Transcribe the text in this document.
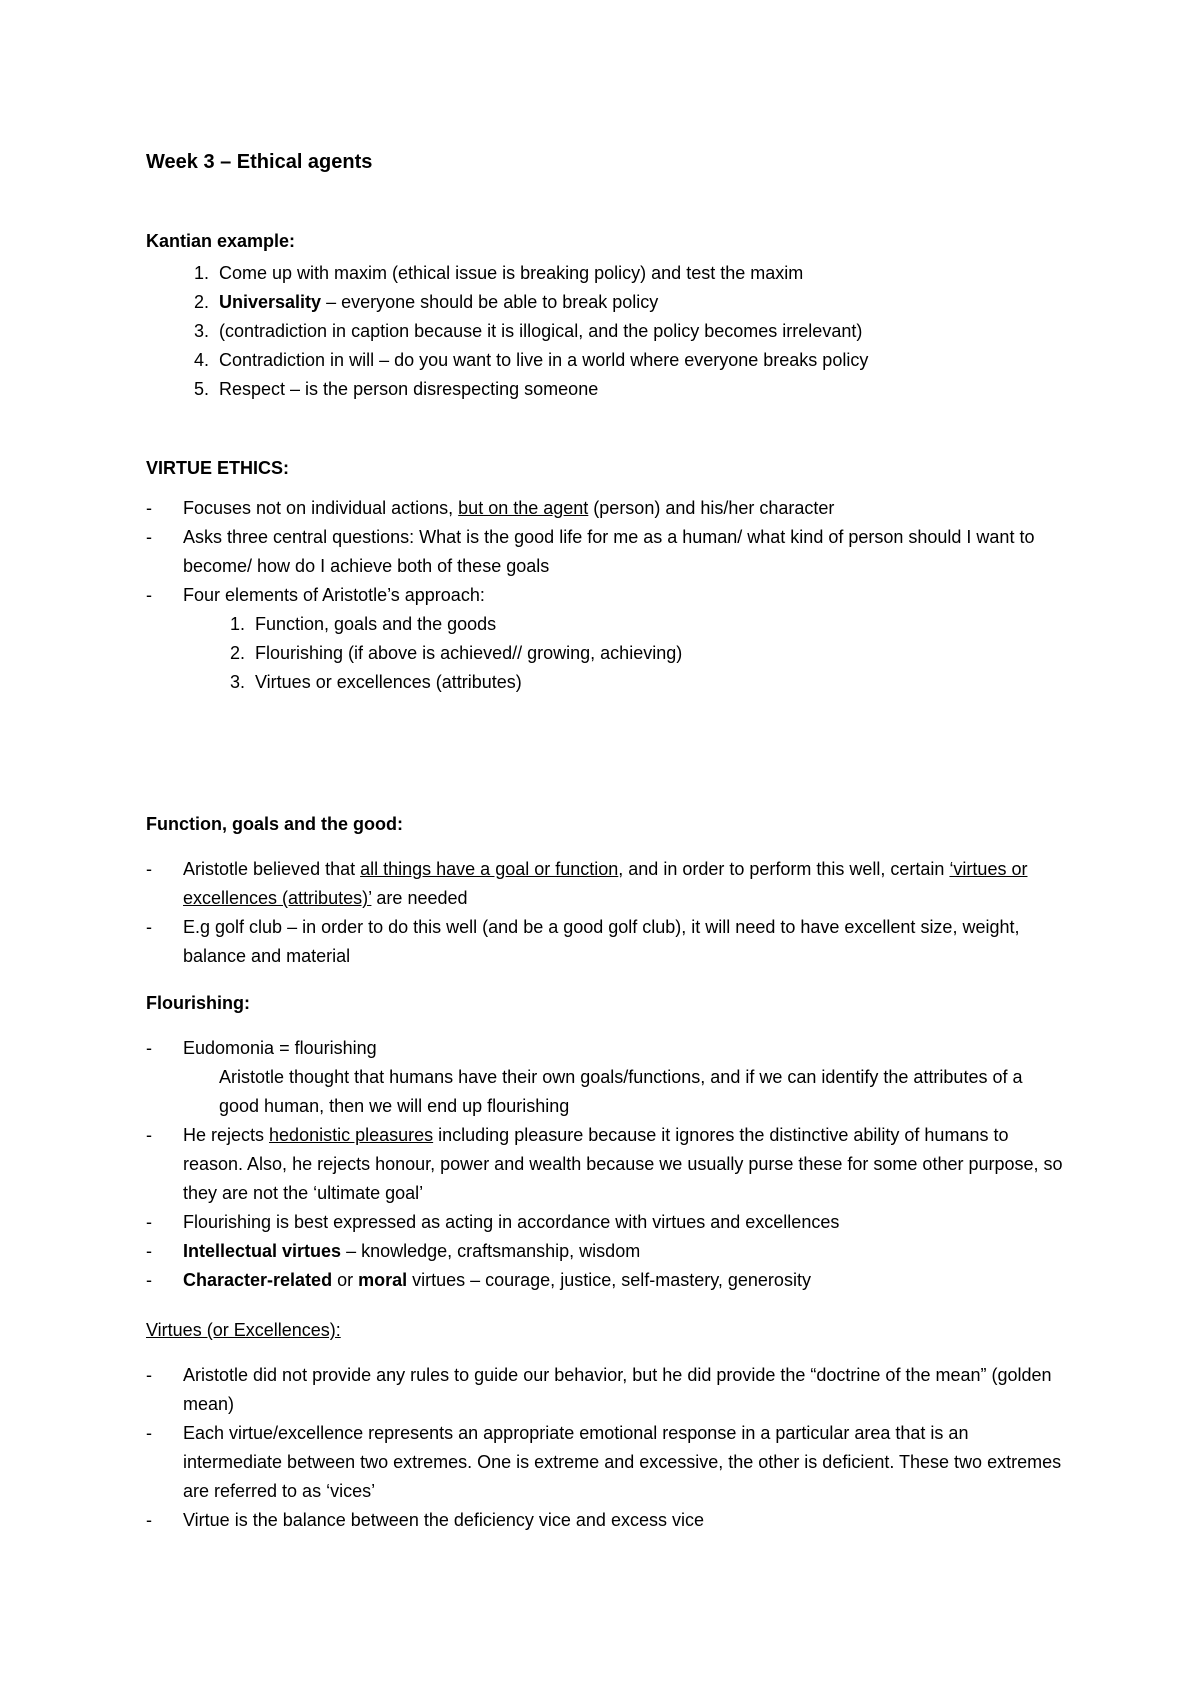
Week 3 – Ethical agents
Kantian example:
1. Come up with maxim (ethical issue is breaking policy) and test the maxim
2. Universality – everyone should be able to break policy
3. (contradiction in caption because it is illogical, and the policy becomes irrelevant)
4. Contradiction in will – do you want to live in a world where everyone breaks policy
5. Respect – is the person disrespecting someone
VIRTUE ETHICS:
- Focuses not on individual actions, but on the agent (person) and his/her character
- Asks three central questions: What is the good life for me as a human/ what kind of person should I want to become/ how do I achieve both of these goals
- Four elements of Aristotle’s approach:
1. Function, goals and the goods
2. Flourishing (if above is achieved// growing, achieving)
3. Virtues or excellences (attributes)
Function, goals and the good:
- Aristotle believed that all things have a goal or function, and in order to perform this well, certain ‘virtues or excellences (attributes)’ are needed
- E.g golf club – in order to do this well (and be a good golf club), it will need to have excellent size, weight, balance and material
Flourishing:
- Eudomonia = flourishing
Aristotle thought that humans have their own goals/functions, and if we can identify the attributes of a good human, then we will end up flourishing
- He rejects hedonistic pleasures including pleasure because it ignores the distinctive ability of humans to reason. Also, he rejects honour, power and wealth because we usually purse these for some other purpose, so they are not the ‘ultimate goal’
- Flourishing is best expressed as acting in accordance with virtues and excellences
- Intellectual virtues – knowledge, craftsmanship, wisdom
- Character-related or moral virtues – courage, justice, self-mastery, generosity
Virtues (or Excellences):
- Aristotle did not provide any rules to guide our behavior, but he did provide the “doctrine of the mean” (golden mean)
- Each virtue/excellence represents an appropriate emotional response in a particular area that is an intermediate between two extremes. One is extreme and excessive, the other is deficient. These two extremes are referred to as ‘vices’
- Virtue is the balance between the deficiency vice and excess vice
